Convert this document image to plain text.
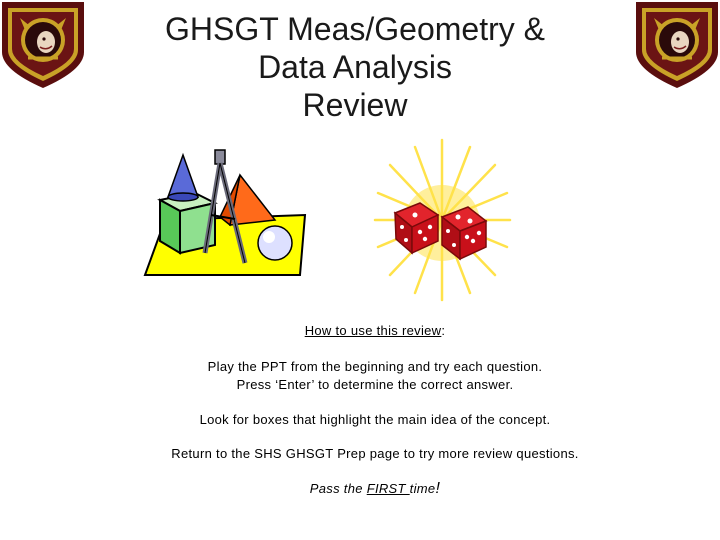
GHSGT Meas/Geometry &
Data Analysis
Review

How to use this review:

Play the PPT from the beginning and try each question.

Press ‘Enter’ to determine the correct answer.

Look for boxes that highlight the main idea of the concept.

Return to the SHS GHSGT Prep page to try more review questions.

Pass the FIRST time!
